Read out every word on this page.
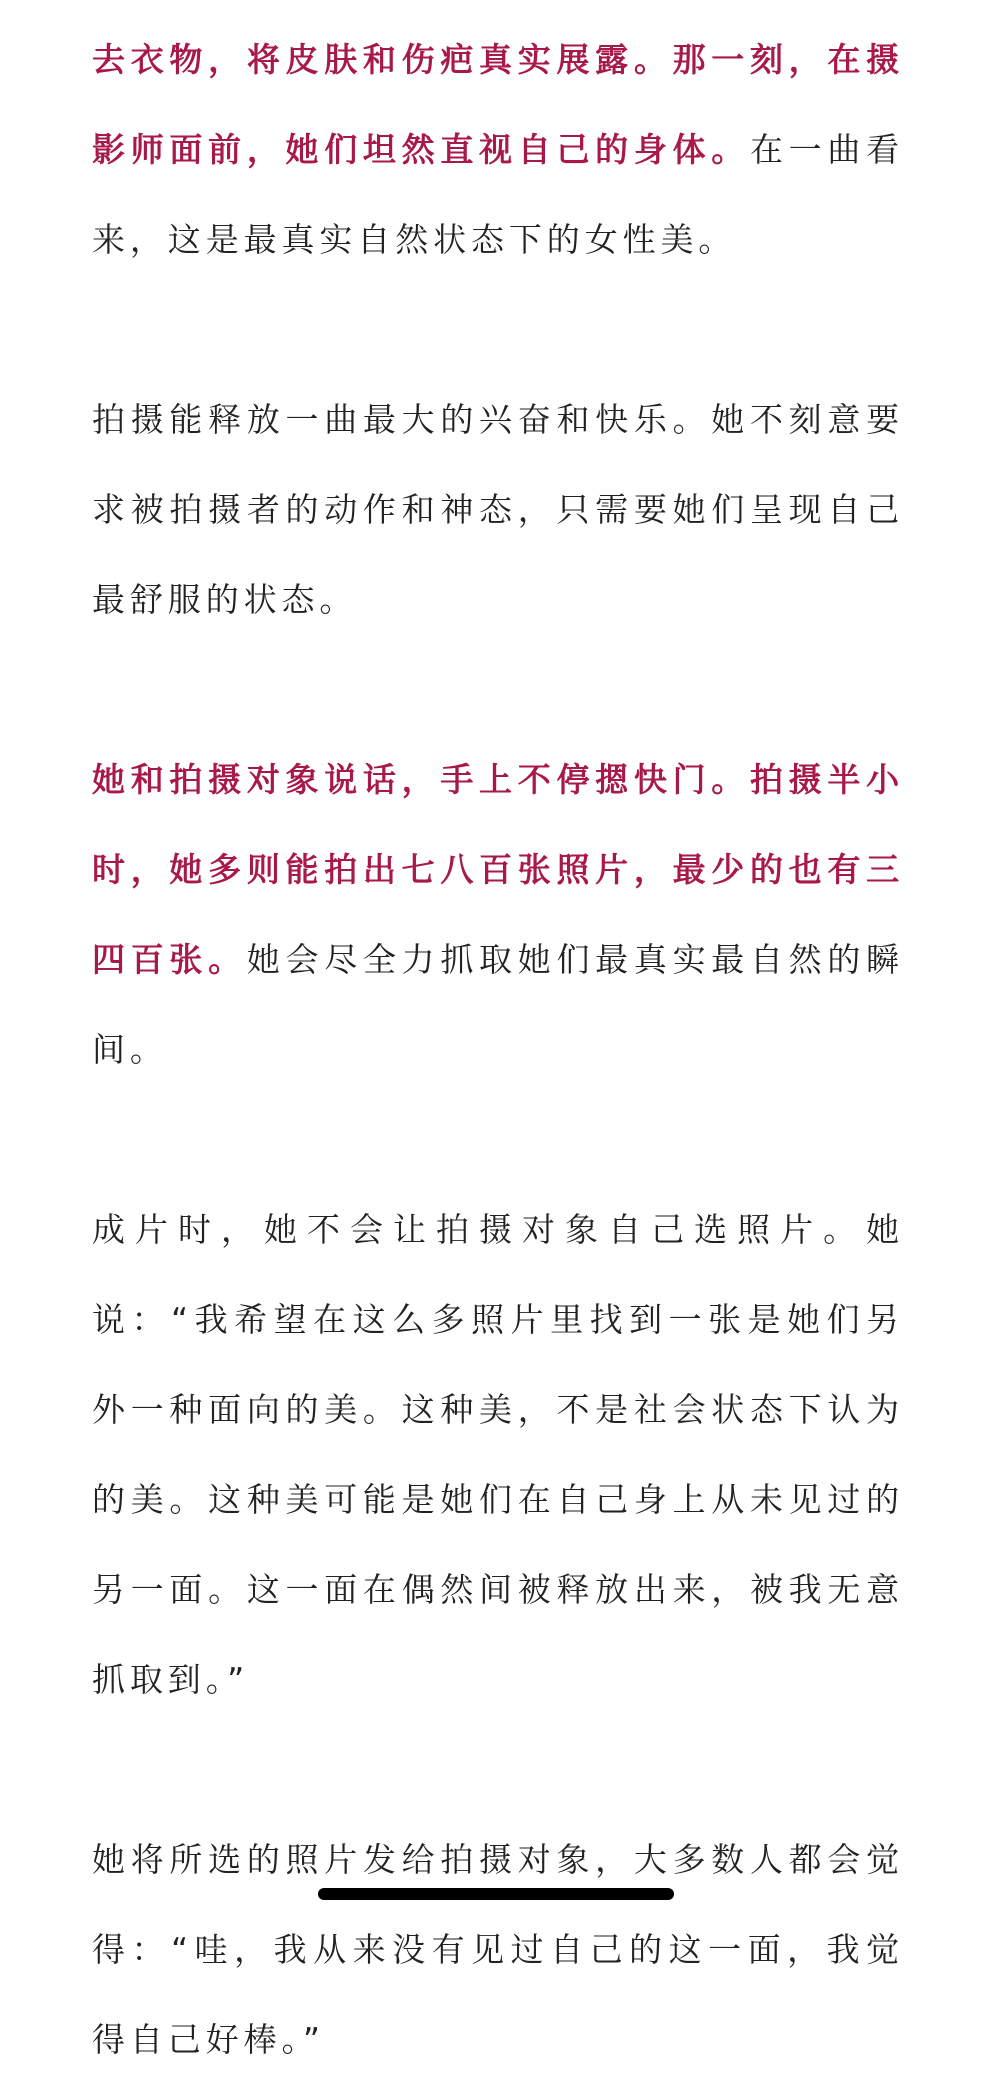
去衣物，将皮肤和伤疤真实展露。那一刻，在摄影师面前，她们坦然直视自己的身体。在一曲看来，这是最真实自然状态下的女性美。

拍摄能释放一曲最大的兴奋和快乐。她不刻意要求被拍摄者的动作和神态，只需要她们呈现自己最舒服的状态。

她和拍摄对象说话，手上不停摁快门。拍摄半小时，她多则能拍出七八百张照片，最少的也有三四百张。她会尽全力抓取她们最真实最自然的瞬间。

成片时，她不会让拍摄对象自己选照片。她说：“我希望在这么多照片里找到一张是她们另外一种面向的美。这种美，不是社会状态下认为的美。这种美可能是她们在自己身上从未见过的另一面。这一面在偶然间被释放出来，被我无意抓取到。”

她将所选的照片发给拍摄对象，大多数人都会觉得：“哇，我从来没有见过自己的这一面，我觉得自己好棒。”
